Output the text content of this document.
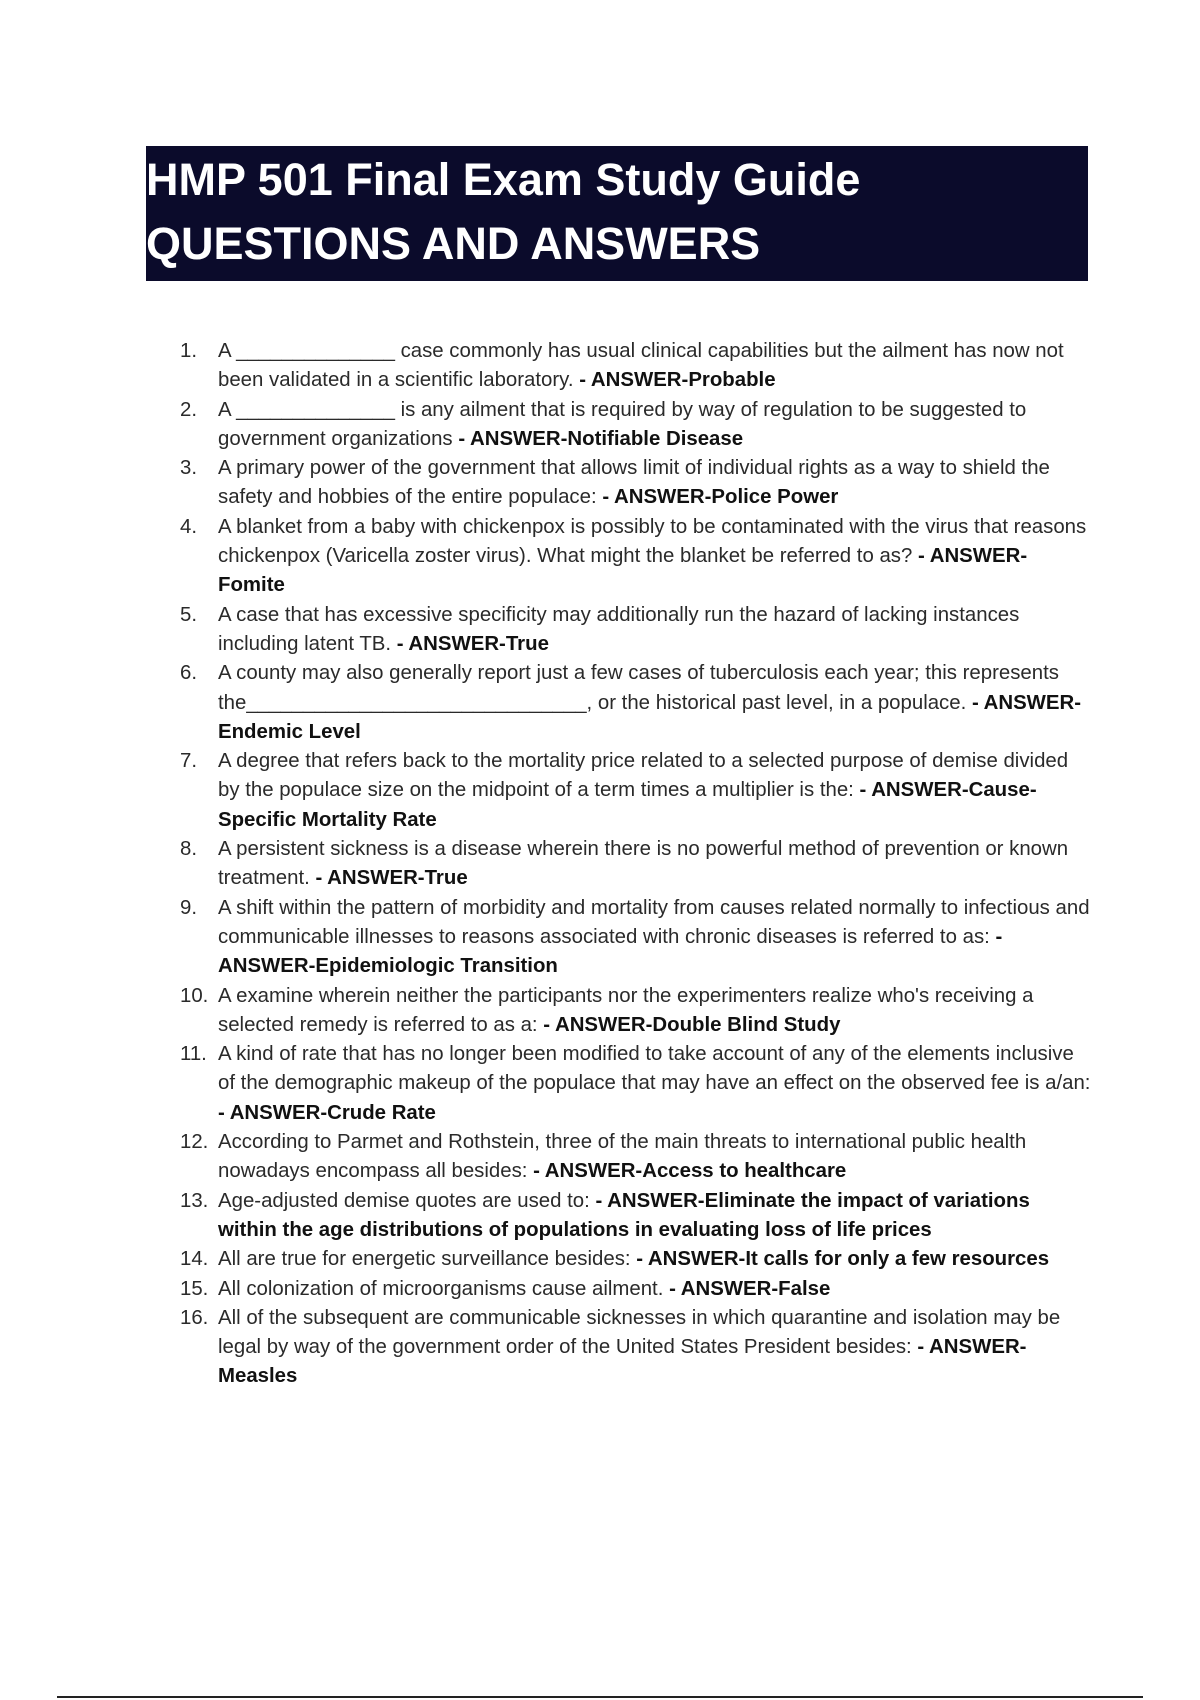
HMP 501 Final Exam Study Guide

QUESTIONS AND ANSWERS

1.	A ______________ case commonly has usual clinical capabilities but the ailment has now not been validated in a scientific laboratory. - ANSWER-Probable
2.	A ______________ is any ailment that is required by way of regulation to be suggested to government organizations - ANSWER-Notifiable Disease
3.	A primary power of the government that allows limit of individual rights as a way to shield the safety and hobbies of the entire populace: - ANSWER-Police Power
4.	A blanket from a baby with chickenpox is possibly to be contaminated with the virus that reasons chickenpox (Varicella zoster virus). What might the blanket be referred to as? - ANSWER-Fomite
5.	A case that has excessive specificity may additionally run the hazard of lacking instances including latent TB. - ANSWER-True
6.	A county may also generally report just a few cases of tuberculosis each year; this represents the______________________________, or the historical past level, in a populace. - ANSWER-Endemic Level
7.	A degree that refers back to the mortality price related to a selected purpose of demise divided by the populace size on the midpoint of a term times a multiplier is the: - ANSWER-Cause-Specific Mortality Rate
8.	A persistent sickness is a disease wherein there is no powerful method of prevention or known treatment. - ANSWER-True
9.	A shift within the pattern of morbidity and mortality from causes related normally to infectious and communicable illnesses to reasons associated with chronic diseases is referred to as: - ANSWER-Epidemiologic Transition
10. A examine wherein neither the participants nor the experimenters realize who's receiving a selected remedy is referred to as a: - ANSWER-Double Blind Study
11. A kind of rate that has no longer been modified to take account of any of the elements inclusive of the demographic makeup of the populace that may have an effect on the observed fee is a/an: - ANSWER-Crude Rate
12. According to Parmet and Rothstein, three of the main threats to international public health nowadays encompass all besides: - ANSWER-Access to healthcare
13. Age-adjusted demise quotes are used to: - ANSWER-Eliminate the impact of variations within the age distributions of populations in evaluating loss of life prices
14. All are true for energetic surveillance besides: - ANSWER-It calls for only a few resources
15. All colonization of microorganisms cause ailment. - ANSWER-False
16. All of the subsequent are communicable sicknesses in which quarantine and isolation may be legal by way of the government order of the United States President besides: - ANSWER-Measles
